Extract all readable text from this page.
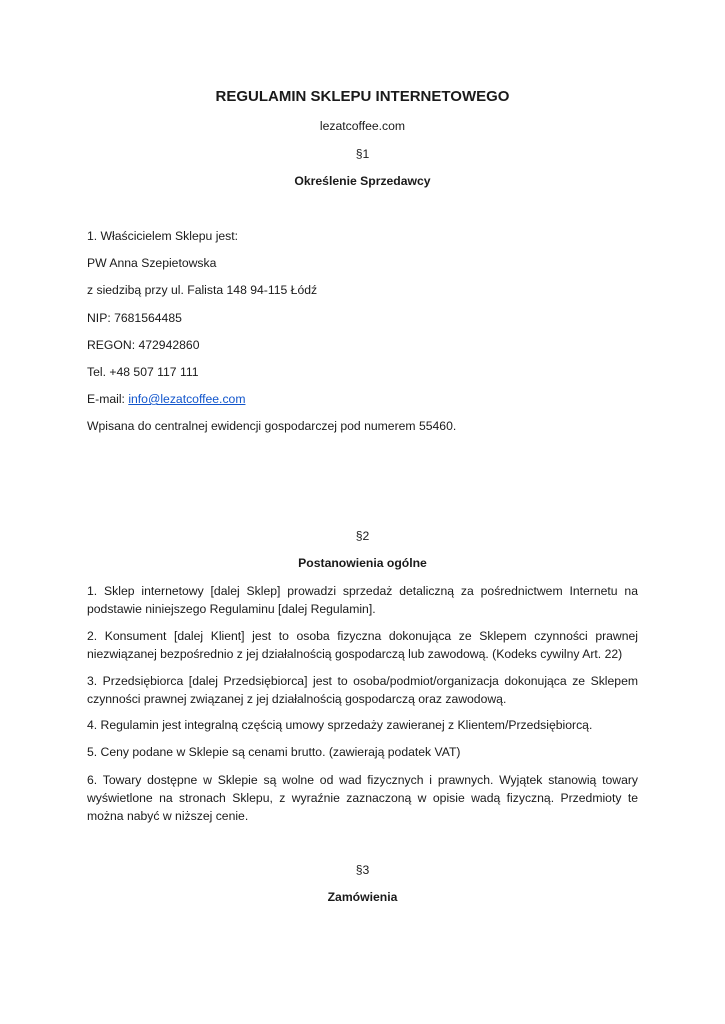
REGULAMIN SKLEPU INTERNETOWEGO
lezatcoffee.com
§1
Określenie Sprzedawcy
1. Właścicielem Sklepu jest:
PW Anna Szepietowska
z siedzibą przy ul. Falista 148 94-115 Łódź
NIP: 7681564485
REGON: 472942860
Tel. +48 507 117 111
E-mail: info@lezatcoffee.com
Wpisana do centralnej ewidencji gospodarczej pod numerem 55460.
§2
Postanowienia ogólne
1. Sklep internetowy [dalej Sklep] prowadzi sprzedaż detaliczną za pośrednictwem Internetu na podstawie niniejszego Regulaminu [dalej Regulamin].
2. Konsument [dalej Klient] jest to osoba fizyczna dokonująca ze Sklepem czynności prawnej niezwiązanej bezpośrednio z jej działalnością gospodarczą lub zawodową. (Kodeks cywilny Art. 22)
3. Przedsiębiorca [dalej Przedsiębiorca] jest to osoba/podmiot/organizacja dokonująca ze Sklepem czynności prawnej związanej z jej działalnością gospodarczą oraz zawodową.
4. Regulamin jest integralną częścią umowy sprzedaży zawieranej z Klientem/Przedsiębiorcą.
5. Ceny podane w Sklepie są cenami brutto. (zawierają podatek VAT)
6. Towary dostępne w Sklepie są wolne od wad fizycznych i prawnych. Wyjątek stanowią towary wyświetlone na stronach Sklepu, z wyraźnie zaznaczoną w opisie wadą fizyczną. Przedmioty te można nabyć w niższej cenie.
§3
Zamówienia
